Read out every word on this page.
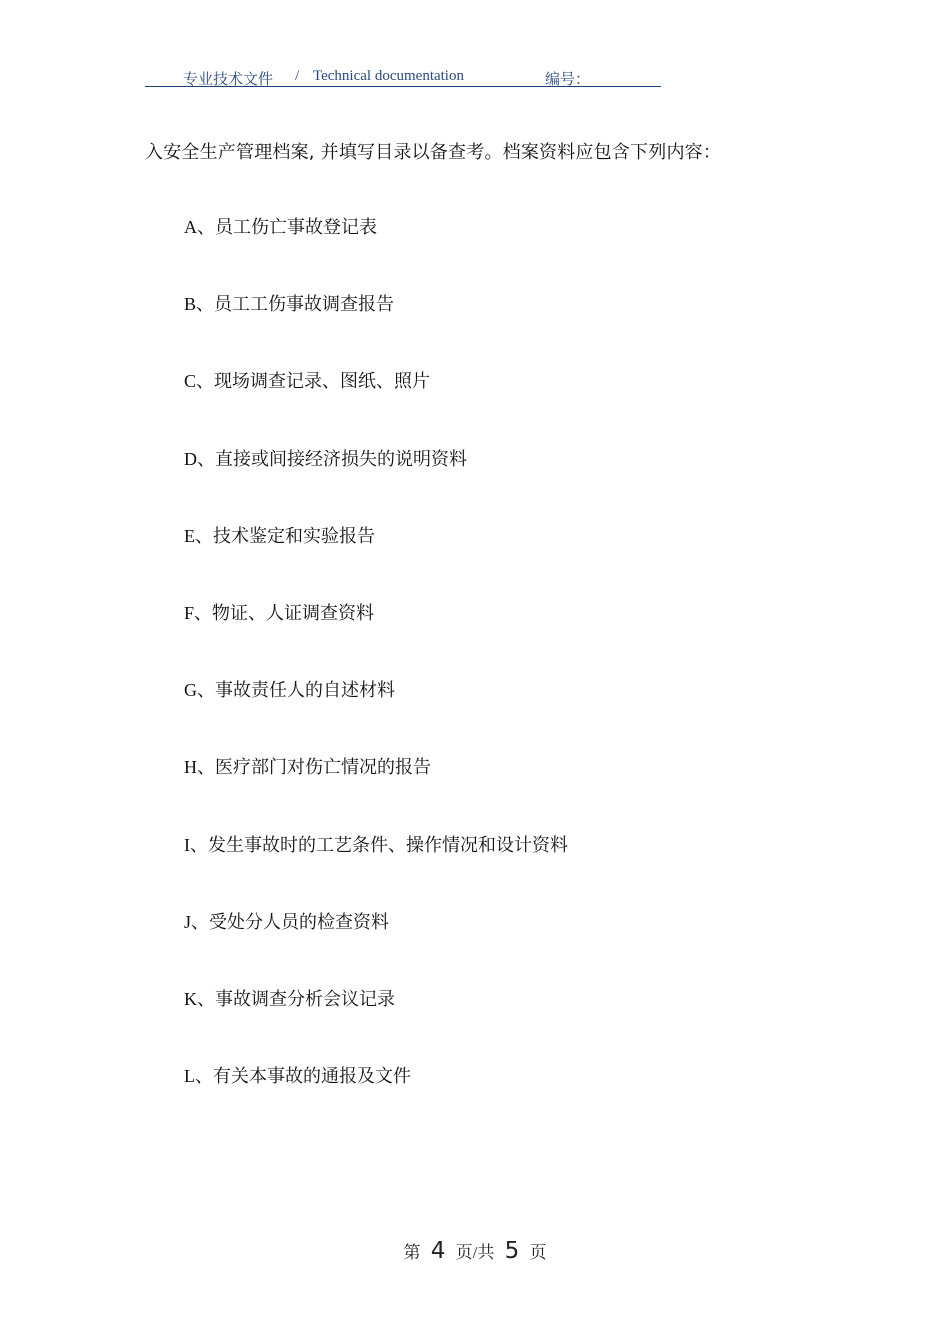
专业技术文件 / Technical documentation	编号：
入安全生产管理档案, 并填写目录以备查考。档案资料应包含下列内容：
A、员工伤亡事故登记表
B、员工工伤事故调查报告
C、现场调查记录、图纸、照片
D、直接或间接经济损失的说明资料
E、技术鉴定和实验报告
F、物证、人证调查资料
G、事故责任人的自述材料
H、医疗部门对伤亡情况的报告
I、发生事故时的工艺条件、操作情况和设计资料
J、受处分人员的检查资料
K、事故调查分析会议记录
L、有关本事故的通报及文件
第 4 页/共 5 页
